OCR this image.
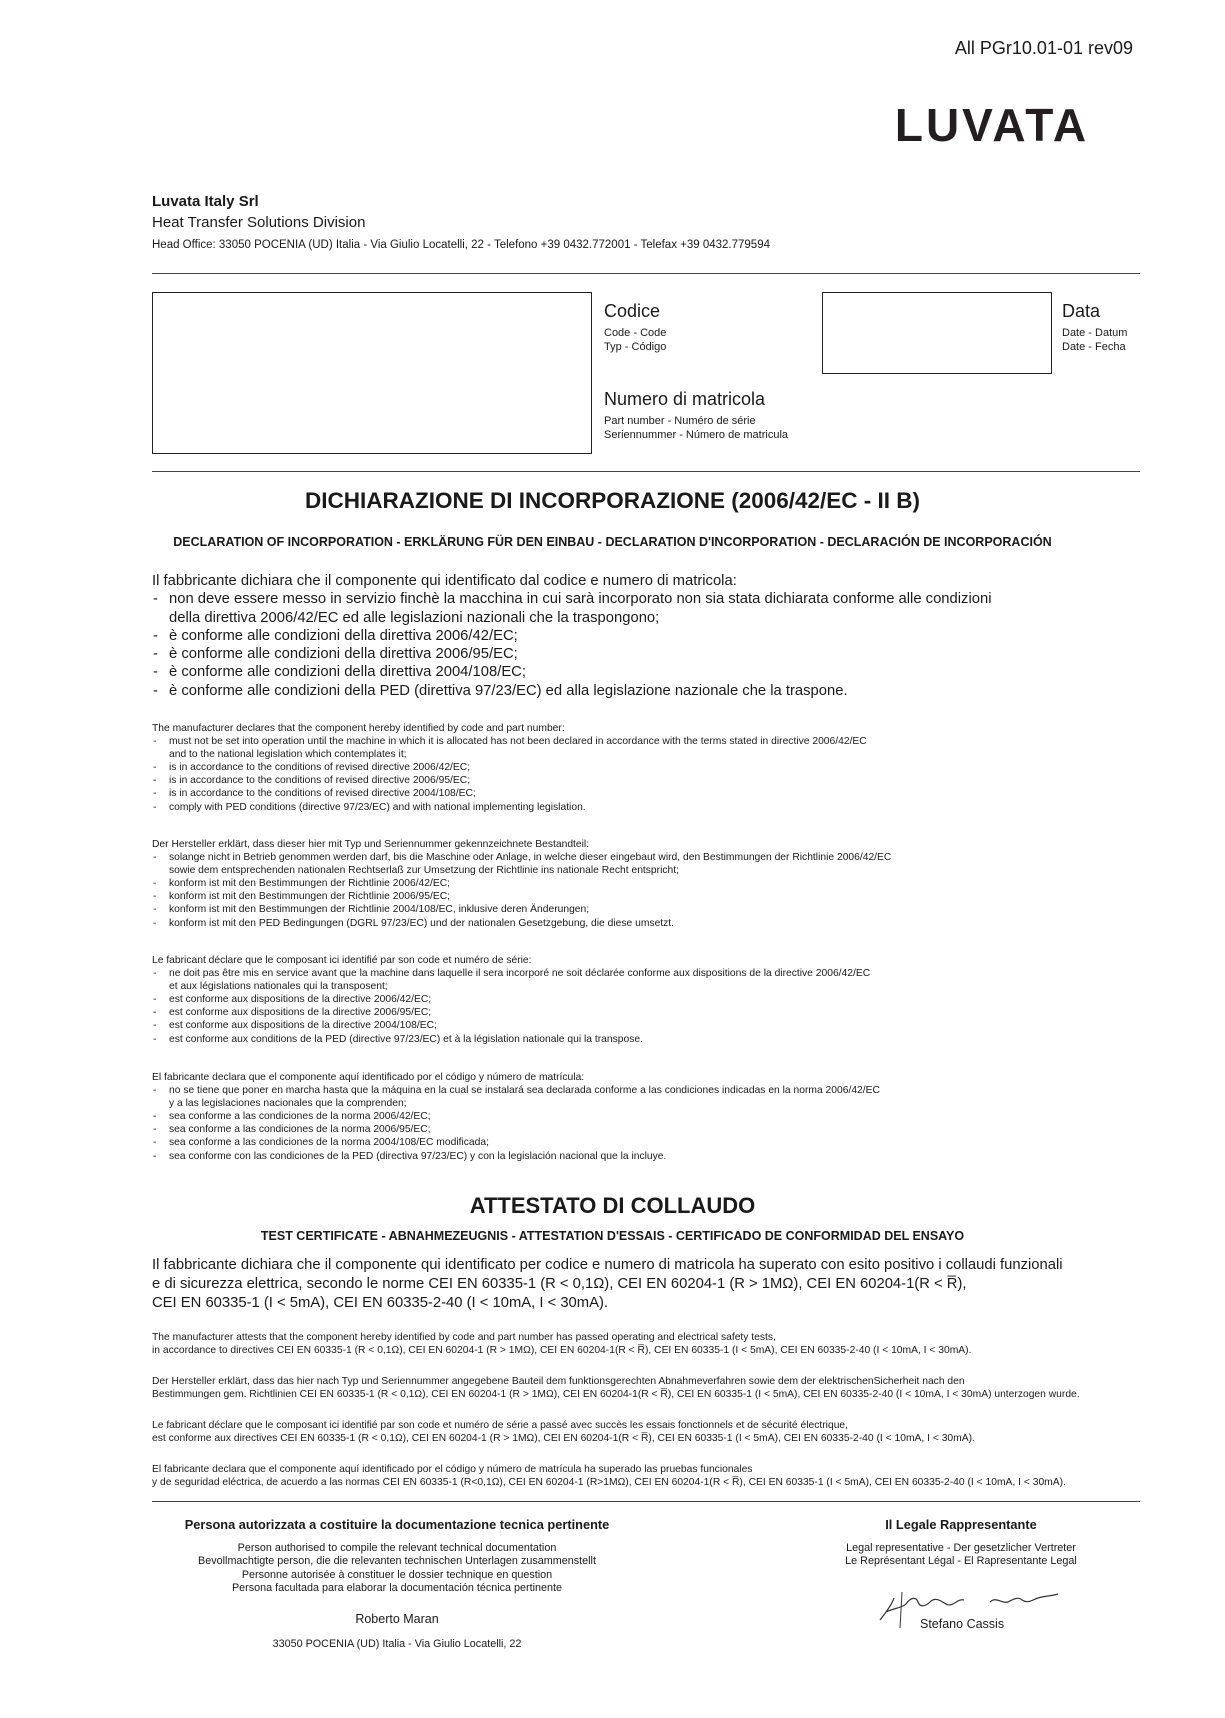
All PGr10.01-01 rev09
LUVATA
Luvata Italy Srl
Heat Transfer Solutions Division
Head Office: 33050 POCENIA (UD) Italia - Via Giulio Locatelli, 22 - Telefono +39 0432.772001 - Telefax +39 0432.779594
Codice
Code - Code
Typ - Código
Data
Date - Datum
Date - Fecha
Numero di matricola
Part number - Numéro de série
Seriennummer - Número de matricula
DICHIARAZIONE DI INCORPORAZIONE (2006/42/EC - II B)
DECLARATION OF INCORPORATION - ERKLÄRUNG FÜR DEN EINBAU - DECLARATION D'INCORPORATION - DECLARACIÓN DE INCORPORACIÓN
Il fabbricante dichiara che il componente qui identificato dal codice e numero di matricola:
- non deve essere messo in servizio finchè la macchina in cui sarà incorporato non sia stata dichiarata conforme alle condizioni
della direttiva 2006/42/EC ed alle legislazioni nazionali che la traspongono;
- è conforme alle condizioni della direttiva 2006/42/EC;
- è conforme alle condizioni della direttiva 2006/95/EC;
- è conforme alle condizioni della direttiva 2004/108/EC;
- è conforme alle condizioni della PED (direttiva 97/23/EC) ed alla legislazione nazionale che la traspone.
The manufacturer declares that the component hereby identified by code and part number:
- must not be set into operation until the machine in which it is allocated has not been declared in accordance with the terms stated in directive 2006/42/EC
and to the national legislation which contemplates it;
- is in accordance to the conditions of revised directive 2006/42/EC;
- is in accordance to the conditions of revised directive 2006/95/EC;
- is in accordance to the conditions of revised directive 2004/108/EC;
- comply with PED conditions (directive 97/23/EC) and with national implementing legislation.
Der Hersteller erklärt, dass dieser hier mit Typ und Seriennummer gekennzeichnete Bestandteil:
- solange nicht in Betrieb genommen werden darf, bis die Maschine oder Anlage, in welche dieser eingebaut wird, den Bestimmungen der Richtlinie 2006/42/EC
sowie dem entsprechenden nationalen Rechtserlaß zur Umsetzung der Richtlinie ins nationale Recht entspricht;
- konform ist mit den Bestimmungen der Richtlinie 2006/42/EC;
- konform ist mit den Bestimmungen der Richtlinie 2006/95/EC;
- konform ist mit den Bestimmungen der Richtlinie 2004/108/EC, inklusive deren Änderungen;
- konform ist mit den PED Bedingungen (DGRL 97/23/EC) und der nationalen Gesetzgebung, die diese umsetzt.
Le fabricant déclare que le composant ici identifié par son code et numéro de série:
- ne doit pas être mis en service avant que la machine dans laquelle il sera incorporé ne soit déclarée conforme aux dispositions de la directive 2006/42/EC
et aux législations nationales qui la transposent;
- est conforme aux dispositions de la directive 2006/42/EC;
- est conforme aux dispositions de la directive 2006/95/EC;
- est conforme aux dispositions de la directive 2004/108/EC;
- est conforme aux conditions de la PED (directive 97/23/EC) et à la législation nationale qui la transpose.
El fabricante declara que el componente aquí identificado por el código y número de matrícula:
- no se tiene que poner en marcha hasta que la máquina en la cual se instalará sea declarada conforme a las condiciones indicadas en la norma 2006/42/EC
y a las legislaciones nacionales que la comprenden;
- sea conforme a las condiciones de la norma 2006/42/EC;
- sea conforme a las condiciones de la norma 2006/95/EC;
- sea conforme a las condiciones de la norma 2004/108/EC modificada;
- sea conforme con las condiciones de la PED (directiva 97/23/EC) y con la legislación nacional que la incluye.
ATTESTATO DI COLLAUDO
TEST CERTIFICATE - ABNAHMEZEUGNIS - ATTESTATION D'ESSAIS - CERTIFICADO DE CONFORMIDAD DEL ENSAYO
Il fabbricante dichiara che il componente qui identificato per codice e numero di matricola ha superato con esito positivo i collaudi funzionali
e di sicurezza elettrica, secondo le norme CEI EN 60335-1 (R < 0,1Ω), CEI EN 60204-1 (R > 1MΩ), CEI EN 60204-1(R < R̅),
CEI EN 60335-1 (I < 5mA), CEI EN 60335-2-40 (I < 10mA, I < 30mA).
The manufacturer attests that the component hereby identified by code and part number has passed operating and electrical safety tests,
in accordance to directives CEI EN 60335-1 (R < 0,1Ω), CEI EN 60204-1 (R > 1MΩ), CEI EN 60204-1(R < R̅), CEI EN 60335-1 (I < 5mA), CEI EN 60335-2-40 (I < 10mA, I < 30mA).
Der Hersteller erklärt, dass das hier nach Typ und Seriennummer angegebene Bauteil dem funktionsgerechten Abnahmeverfahren sowie dem der elektrischenSicherheit nach den
Bestimmungen gem. Richtlinien CEI EN 60335-1 (R < 0,1Ω), CEI EN 60204-1 (R > 1MΩ), CEI EN 60204-1(R < R̅), CEI EN 60335-1 (I < 5mA), CEI EN 60335-2-40 (I < 10mA, I < 30mA) unterzogen wurde.
Le fabricant déclare que le composant ici identifié par son code et numéro de série a passé avec succès les essais fonctionnels et de sécurité électrique,
est conforme aux directives CEI EN 60335-1 (R < 0,1Ω), CEI EN 60204-1 (R > 1MΩ), CEI EN 60204-1(R < R̅), CEI EN 60335-1 (I < 5mA), CEI EN 60335-2-40 (I < 10mA, I < 30mA).
El fabricante declara que el componente aquí identificado por el código y número de matrícula ha superado las pruebas funcionales
y de seguridad eléctrica, de acuerdo a las normas CEI EN 60335-1 (R<0,1Ω), CEI EN 60204-1 (R>1MΩ), CEI EN 60204-1(R < R̅), CEI EN 60335-1 (I < 5mA), CEI EN 60335-2-40 (I < 10mA, I < 30mA).
Persona autorizzata a costituire la documentazione tecnica pertinente
Person authorised to compile the relevant technical documentation
Bevollmachtigte person, die die relevanten technischen Unterlagen zusammenstellt
Personne autorisée à constituer le dossier technique en question
Persona facultada para elaborar la documentación técnica pertinente
Roberto Maran
33050 POCENIA (UD) Italia - Via Giulio Locatelli, 22
Il Legale Rappresentante
Legal representative - Der gesetzlicher Vertreter
Le Représentant Légal - El Rapresentante Legal
Stefano Cassis
